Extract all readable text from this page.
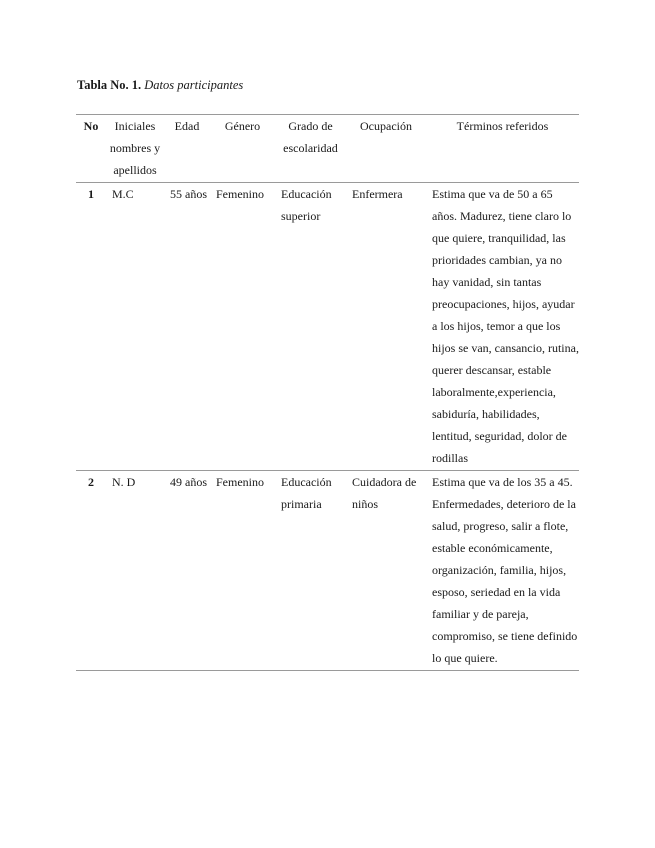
Tabla No. 1. Datos participantes
No	Iniciales nombres y apellidos	Edad	Género	Grado de escolaridad	Ocupación	Términos referidos
1	M.C	55 años	Femenino	Educación superior	Enfermera	Estima que va de 50 a 65 años. Madurez, tiene claro lo que quiere, tranquilidad, las prioridades cambian, ya no hay vanidad, sin tantas preocupaciones, hijos, ayudar a los hijos, temor a que los hijos se van, cansancio, rutina, querer descansar, estable laboralmente,experiencia, sabiduría, habilidades, lentitud, seguridad, dolor de rodillas
2	N. D	49 años	Femenino	Educación primaria	Cuidadora de niños	Estima que va de los 35 a 45. Enfermedades, deterioro de la salud, progreso, salir a flote, estable económicamente, organización, familia, hijos, esposo, seriedad en la vida familiar y de pareja, compromiso, se tiene definido lo que quiere.
